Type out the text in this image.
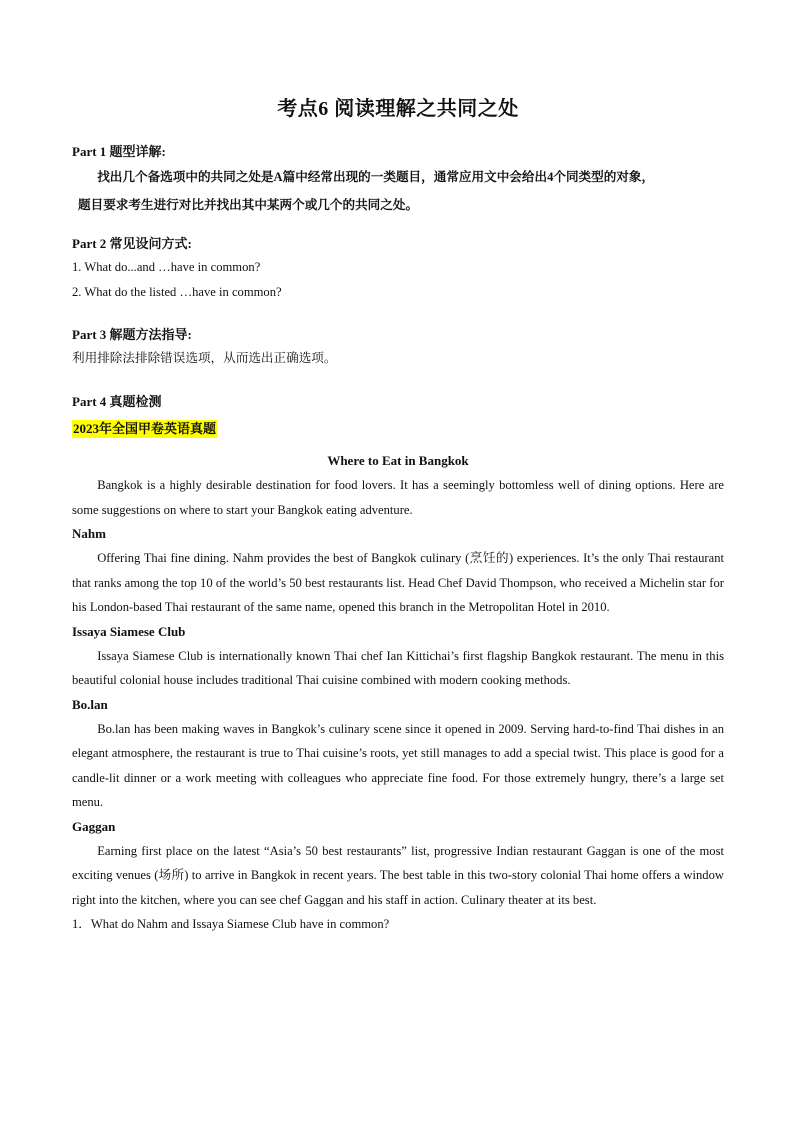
考点6 阅读理解之共同之处

Part 1 题型详解:

找出几个备选项中的共同之处是A篇中经常出现的一类题目，通常应用文中会给出4个同类型的对象，

题目要求考生进行对比并找出其中某两个或几个的共同之处。

Part 2 常见设问方式:

1. What do...and …have in common?

2. What do the listed …have in common?

Part 3 解题方法指导:

利用排除法排除错误选项，从而选出正确选项。

Part 4 真题检测

2023年全国甲卷英语真题

Where to Eat in Bangkok

Bangkok is a highly desirable destination for food lovers. It has a seemingly bottomless well of dining options. Here are some suggestions on where to start your Bangkok eating adventure.

Nahm

Offering Thai fine dining. Nahm provides the best of Bangkok culinary (烹饪的) experiences. It’s the only Thai restaurant that ranks among the top 10 of the world’s 50 best restaurants list. Head Chef David Thompson, who received a Michelin star for his London-based Thai restaurant of the same name, opened this branch in the Metropolitan Hotel in 2010.

Issaya Siamese Club

Issaya Siamese Club is internationally known Thai chef Ian Kittichai’s first flagship Bangkok restaurant. The menu in this beautiful colonial house includes traditional Thai cuisine combined with modern cooking methods.

Bo.lan

Bo.lan has been making waves in Bangkok’s culinary scene since it opened in 2009. Serving hard-to-find Thai dishes in an elegant atmosphere, the restaurant is true to Thai cuisine’s roots, yet still manages to add a special twist. This place is good for a candle-lit dinner or a work meeting with colleagues who appreciate fine food. For those extremely hungry, there’s a large set menu.

Gaggan

Earning first place on the latest “Asia’s 50 best restaurants” list, progressive Indian restaurant Gaggan is one of the most exciting venues (场所) to arrive in Bangkok in recent years. The best table in this two-story colonial Thai home offers a window right into the kitchen, where you can see chef Gaggan and his staff in action. Culinary theater at its best.

1．What do Nahm and Issaya Siamese Club have in common?
